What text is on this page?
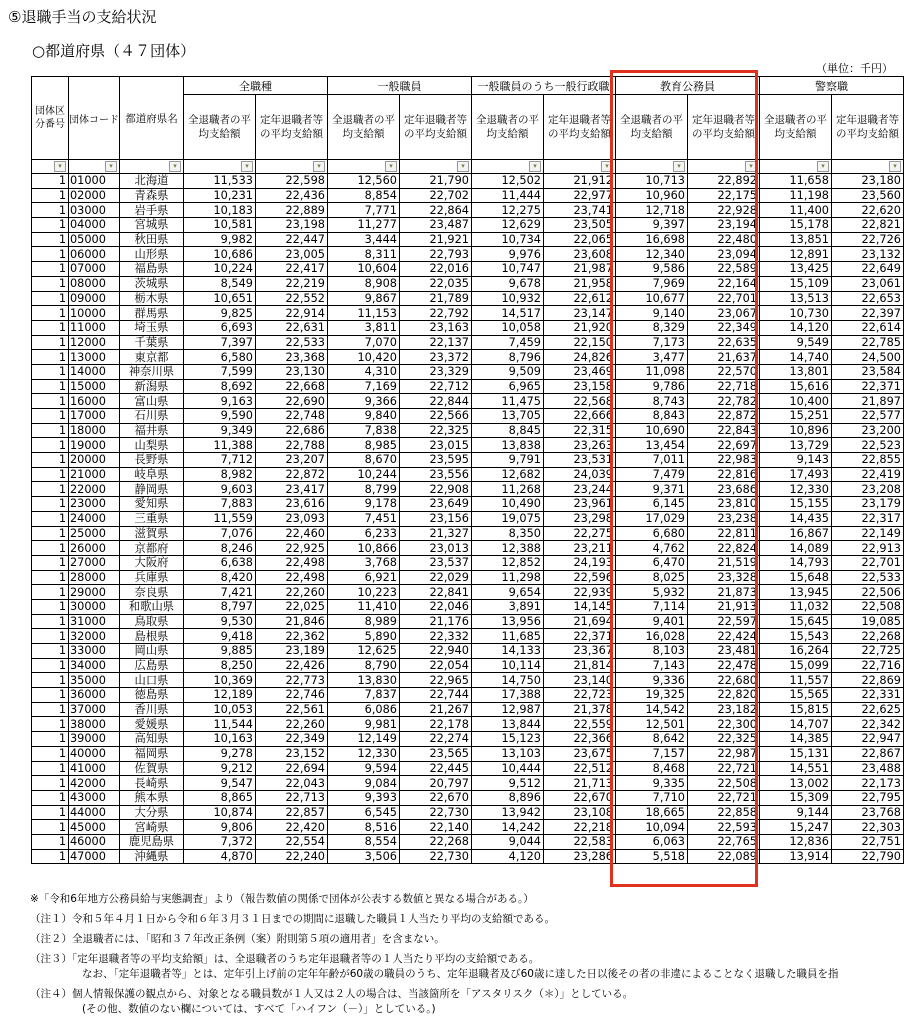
⑤退職手当の支給状況
○都道府県（４７団体）
（単位：千円）
団体区分番号	団体コード	都道府県名	全職種		一般職員		一般職員のうち一般行政職		教育公務員		警察職	
			全退職者の平均支給額	定年退職者等の平均支給額	全退職者の平均支給額	定年退職者等の平均支給額	全退職者の平均支給額	定年退職者等の平均支給額	全退職者の平均支給額	定年退職者等の平均支給額	全退職者の平均支給額	定年退職者等の平均支給額

▾	▾	▾	▾	▾	▾	▾	▾	▾	▾	▾	▾	▾

1	01000	北海道	11,533	22,598	12,560	21,790	12,502	21,912	10,713	22,892	11,658	23,180
1	02000	青森県	10,231	22,436	8,854	22,702	11,444	22,977	10,960	22,175	11,198	23,560
1	03000	岩手県	10,183	22,889	7,771	22,864	12,275	23,741	12,718	22,928	11,400	22,620
1	04000	宮城県	10,581	23,198	11,277	23,487	12,629	23,505	9,397	23,194	15,178	22,821
1	05000	秋田県	9,982	22,447	3,444	21,921	10,734	22,065	16,698	22,480	13,851	22,726
1	06000	山形県	10,686	23,005	8,311	22,793	9,976	23,608	12,340	23,094	12,891	23,132
1	07000	福島県	10,224	22,417	10,604	22,016	10,747	21,987	9,586	22,589	13,425	22,649
1	08000	茨城県	8,549	22,219	8,908	22,035	9,678	21,958	7,969	22,164	15,109	23,061
1	09000	栃木県	10,651	22,552	9,867	21,789	10,932	22,612	10,677	22,701	13,513	22,653
1	10000	群馬県	9,825	22,914	11,153	22,792	14,517	23,147	9,140	23,067	10,730	22,397
1	11000	埼玉県	6,693	22,631	3,811	23,163	10,058	21,920	8,329	22,349	14,120	22,614
1	12000	千葉県	7,397	22,533	7,070	22,137	7,459	22,150	7,173	22,635	9,549	22,785
1	13000	東京都	6,580	23,368	10,420	23,372	8,796	24,826	3,477	21,637	14,740	24,500
1	14000	神奈川県	7,599	23,130	4,310	23,329	9,509	23,469	11,098	22,570	13,801	23,584
1	15000	新潟県	8,692	22,668	7,169	22,712	6,965	23,158	9,786	22,718	15,616	22,371
1	16000	富山県	9,163	22,690	9,366	22,844	11,475	22,568	8,743	22,782	10,400	21,897
1	17000	石川県	9,590	22,748	9,840	22,566	13,705	22,666	8,843	22,872	15,251	22,577
1	18000	福井県	9,349	22,686	7,838	22,325	8,845	22,315	10,690	22,843	10,896	23,200
1	19000	山梨県	11,388	22,788	8,985	23,015	13,838	23,263	13,454	22,697	13,729	22,523
1	20000	長野県	7,712	23,207	8,670	23,595	9,791	23,531	7,011	22,983	9,143	22,855
1	21000	岐阜県	8,982	22,872	10,244	23,556	12,682	24,039	7,479	22,816	17,493	22,419
1	22000	静岡県	9,603	23,417	8,799	22,908	11,268	23,244	9,371	23,686	12,330	23,208
1	23000	愛知県	7,883	23,616	9,178	23,649	10,490	23,961	6,145	23,810	15,155	23,179
1	24000	三重県	11,559	23,093	7,451	23,156	19,075	23,298	17,029	23,238	14,435	22,317
1	25000	滋賀県	7,076	22,460	6,233	21,327	8,350	22,275	6,680	22,811	16,867	22,149
1	26000	京都府	8,246	22,925	10,866	23,013	12,388	23,211	4,762	22,824	14,089	22,913
1	27000	大阪府	6,638	22,498	3,768	23,537	12,852	24,193	6,470	21,519	14,793	22,701
1	28000	兵庫県	8,420	22,498	6,921	22,029	11,298	22,596	8,025	23,328	15,648	22,533
1	29000	奈良県	7,421	22,260	10,223	22,841	9,654	22,939	5,932	21,873	13,945	22,506
1	30000	和歌山県	8,797	22,025	11,410	22,046	3,891	14,145	7,114	21,913	11,032	22,508
1	31000	鳥取県	9,530	21,846	8,989	21,176	13,956	21,694	9,401	22,597	15,645	19,085
1	32000	島根県	9,418	22,362	5,890	22,332	11,685	22,371	16,028	22,424	15,543	22,268
1	33000	岡山県	9,885	23,189	12,625	22,940	14,133	23,367	8,103	23,481	16,264	22,725
1	34000	広島県	8,250	22,426	8,790	22,054	10,114	21,814	7,143	22,478	15,099	22,716
1	35000	山口県	10,369	22,773	13,830	22,965	14,750	23,140	9,336	22,680	11,557	22,869
1	36000	徳島県	12,189	22,746	7,837	22,744	17,388	22,723	19,325	22,820	15,565	22,331
1	37000	香川県	10,053	22,561	6,086	21,267	12,987	21,378	14,542	23,182	15,815	22,625
1	38000	愛媛県	11,544	22,260	9,981	22,178	13,844	22,559	12,501	22,300	14,707	22,342
1	39000	高知県	10,163	22,349	12,149	22,274	15,123	22,366	8,642	22,325	14,385	22,947
1	40000	福岡県	9,278	23,152	12,330	23,565	13,103	23,675	7,157	22,987	15,131	22,867
1	41000	佐賀県	9,212	22,694	9,594	22,445	10,444	22,512	8,468	22,721	14,551	23,488
1	42000	長崎県	9,547	22,043	9,084	20,797	9,512	21,713	9,335	22,508	13,002	22,173
1	43000	熊本県	8,865	22,713	9,393	22,670	8,896	22,670	7,710	22,721	15,309	22,795
1	44000	大分県	10,874	22,857	6,545	22,730	13,942	23,108	18,665	22,858	9,144	23,768
1	45000	宮崎県	9,806	22,420	8,516	22,140	14,242	22,218	10,094	22,593	15,247	22,303
1	46000	鹿児島県	7,372	22,554	8,554	22,268	9,044	22,583	6,063	22,765	12,836	22,751
1	47000	沖縄県	4,870	22,240	3,506	22,730	4,120	23,286	5,518	22,089	13,914	22,790
※「令和6年地方公務員給与実態調査」より（報告数値の関係で団体が公表する数値と異なる場合がある。）
（注１）令和５年４月１日から令和６年３月３１日までの期間に退職した職員１人当たり平均の支給額である。
（注２）全退職者には、「昭和３７年改正条例（案）附則第５項の適用者」を含まない。
（注３）「定年退職者等の平均支給額」は、全退職者のうち定年退職者等の１人当たり平均の支給額である。
なお、「定年退職者等」とは、定年引上げ前の定年年齢が60歳の職員のうち、定年退職者及び60歳に達した日以後その者の非違によることなく退職した職員を指
（注４）個人情報保護の観点から、対象となる職員数が１人又は２人の場合は、当該箇所を「アスタリスク（＊）」としている。
(その他、数値のない欄については、すべて「ハイフン（－）」としている。)
